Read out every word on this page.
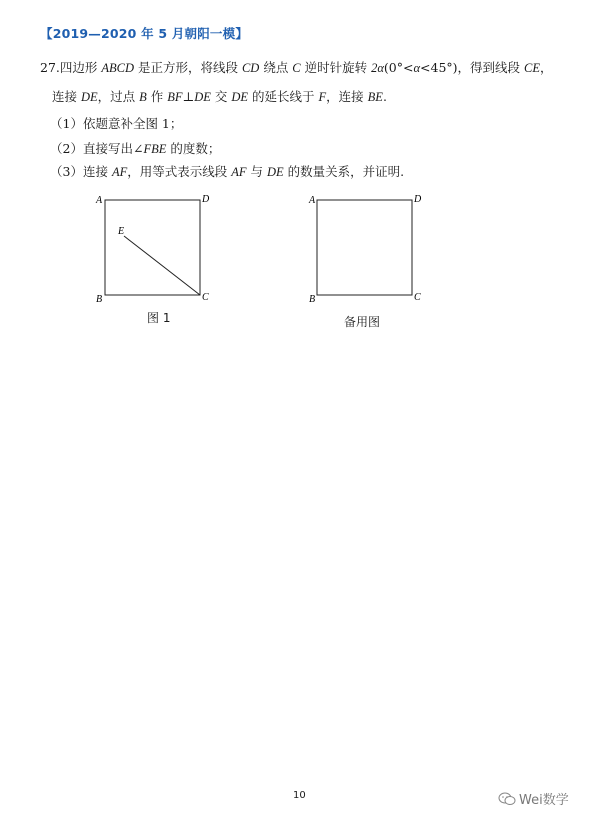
【2019—2020 年 5 月朝阳一模】
27.四边形 ABCD 是正方形，将线段 CD 绕点 C 逆时针旋转 2α(0°<α<45°)，得到线段 CE，
连接 DE，过点 B 作 BF⊥DE 交 DE 的延长线于 F，连接 BE.
（1）依题意补全图 1；
（2）直接写出∠FBE 的度数；
（3）连接 AF，用等式表示线段 AF 与 DE 的数量关系，并证明.
A	D
E
B	C
A	D
B	C
图 1	备用图
10	Wei数学
